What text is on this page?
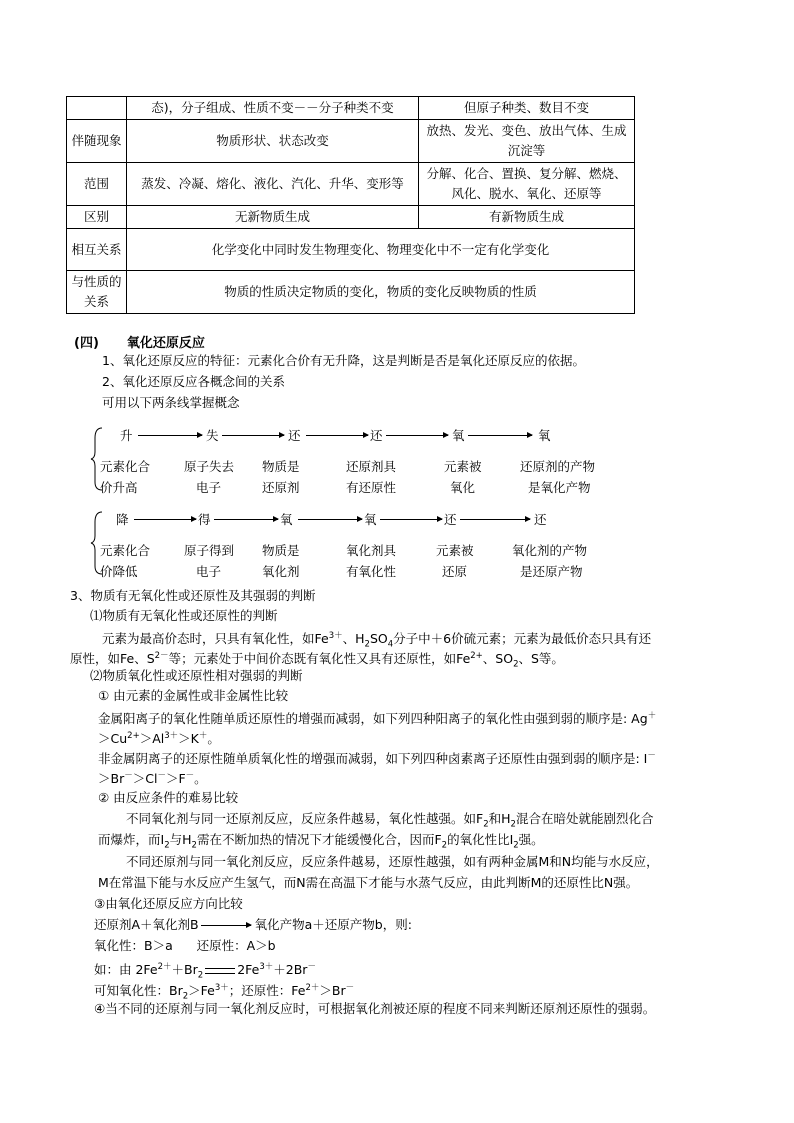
	态)，分子组成、性质不变－－分子种类不变	但原子种类、数目不变
伴随现象	物质形状、状态改变	放热、发光、变色、放出气体、生成沉淀等
范围	蒸发、冷凝、熔化、液化、汽化、升华、变形等	分解、化合、置换、复分解、燃烧、风化、脱水、氧化、还原等
区别	无新物质生成	有新物质生成
相互关系	化学变化中同时发生物理变化、物理变化中不一定有化学变化	
与性质的关系	物质的性质决定物质的变化，物质的变化反映物质的性质	
(四) 氧化还原反应
1、氧化还原反应的特征：元素化合价有无升降，这是判断是否是氧化还原反应的依据。
2、氧化还原反应各概念间的关系
可用以下两条线掌握概念
升	失	还	还	氧	氧
元素化合	原子失去 物质是	还原剂具	元素被	还原剂的产物
价升高	电子	还原剂	有还原性	氧化	是氧化产物
降	得	氧	氧	还	还
元素化合	原子得到 物质是	氧化剂具	元素被	氧化剂的产物
价降低	电子	氧化剂	有氧化性	还原	是还原产物
3、物质有无氧化性或还原性及其强弱的判断
⑴物质有无氧化性或还原性的判断
元素为最高价态时，只具有氧化性，如$Fe^{3+}$、$H_2SO_4$分子中＋6价硫元素；元素为最低价态只具有还
原性，如Fe、$S^{2-}$等；元素处于中间价态既有氧化性又具有还原性，如$Fe^{2+}$、$SO_2$、S等。
⑵物质氧化性或还原性相对强弱的判断
① 由元素的金属性或非金属性比较
金属阳离子的氧化性随单质还原性的增强而减弱，如下列四种阳离子的氧化性由强到弱的顺序是: Ag＋
$>Cu^{2+}>Al^{3+}>K^+$。
非金属阴离子的还原性随单质氧化性的增强而减弱，如下列四种卤素离子还原性由强到弱的顺序是: I－
＞Br－＞Cl－＞F－。
② 由反应条件的难易比较
不同氧化剂与同一还原剂反应，反应条件越易，氧化性越强。如$F_2$和$H_2$混合在暗处就能剧烈化合
而爆炸，而$I_2$与$H_2$需在不断加热的情况下才能缓慢化合，因而$F_2$的氧化性比$I_2$强。
不同还原剂与同一氧化剂反应，反应条件越易，还原性越强，如有两种金属M和N均能与水反应，
M在常温下能与水反应产生氢气，而N需在高温下才能与水蒸气反应，由此判断M的还原性比N强。
③由氧化还原反应方向比较
还原剂A＋氧化剂B	氧化产物a＋还原产物b，则:
氧化性：B＞a      还原性：A＞b
如：由 $2Fe^{2+}+Br_2$	$2Fe^{3+}+2Br^-$
可知氧化性：$Br_2>Fe^{3+}$；还原性：$Fe^{2+}>Br^-$
④当不同的还原剂与同一氧化剂反应时，可根据氧化剂被还原的程度不同来判断还原剂还原性的强弱。
